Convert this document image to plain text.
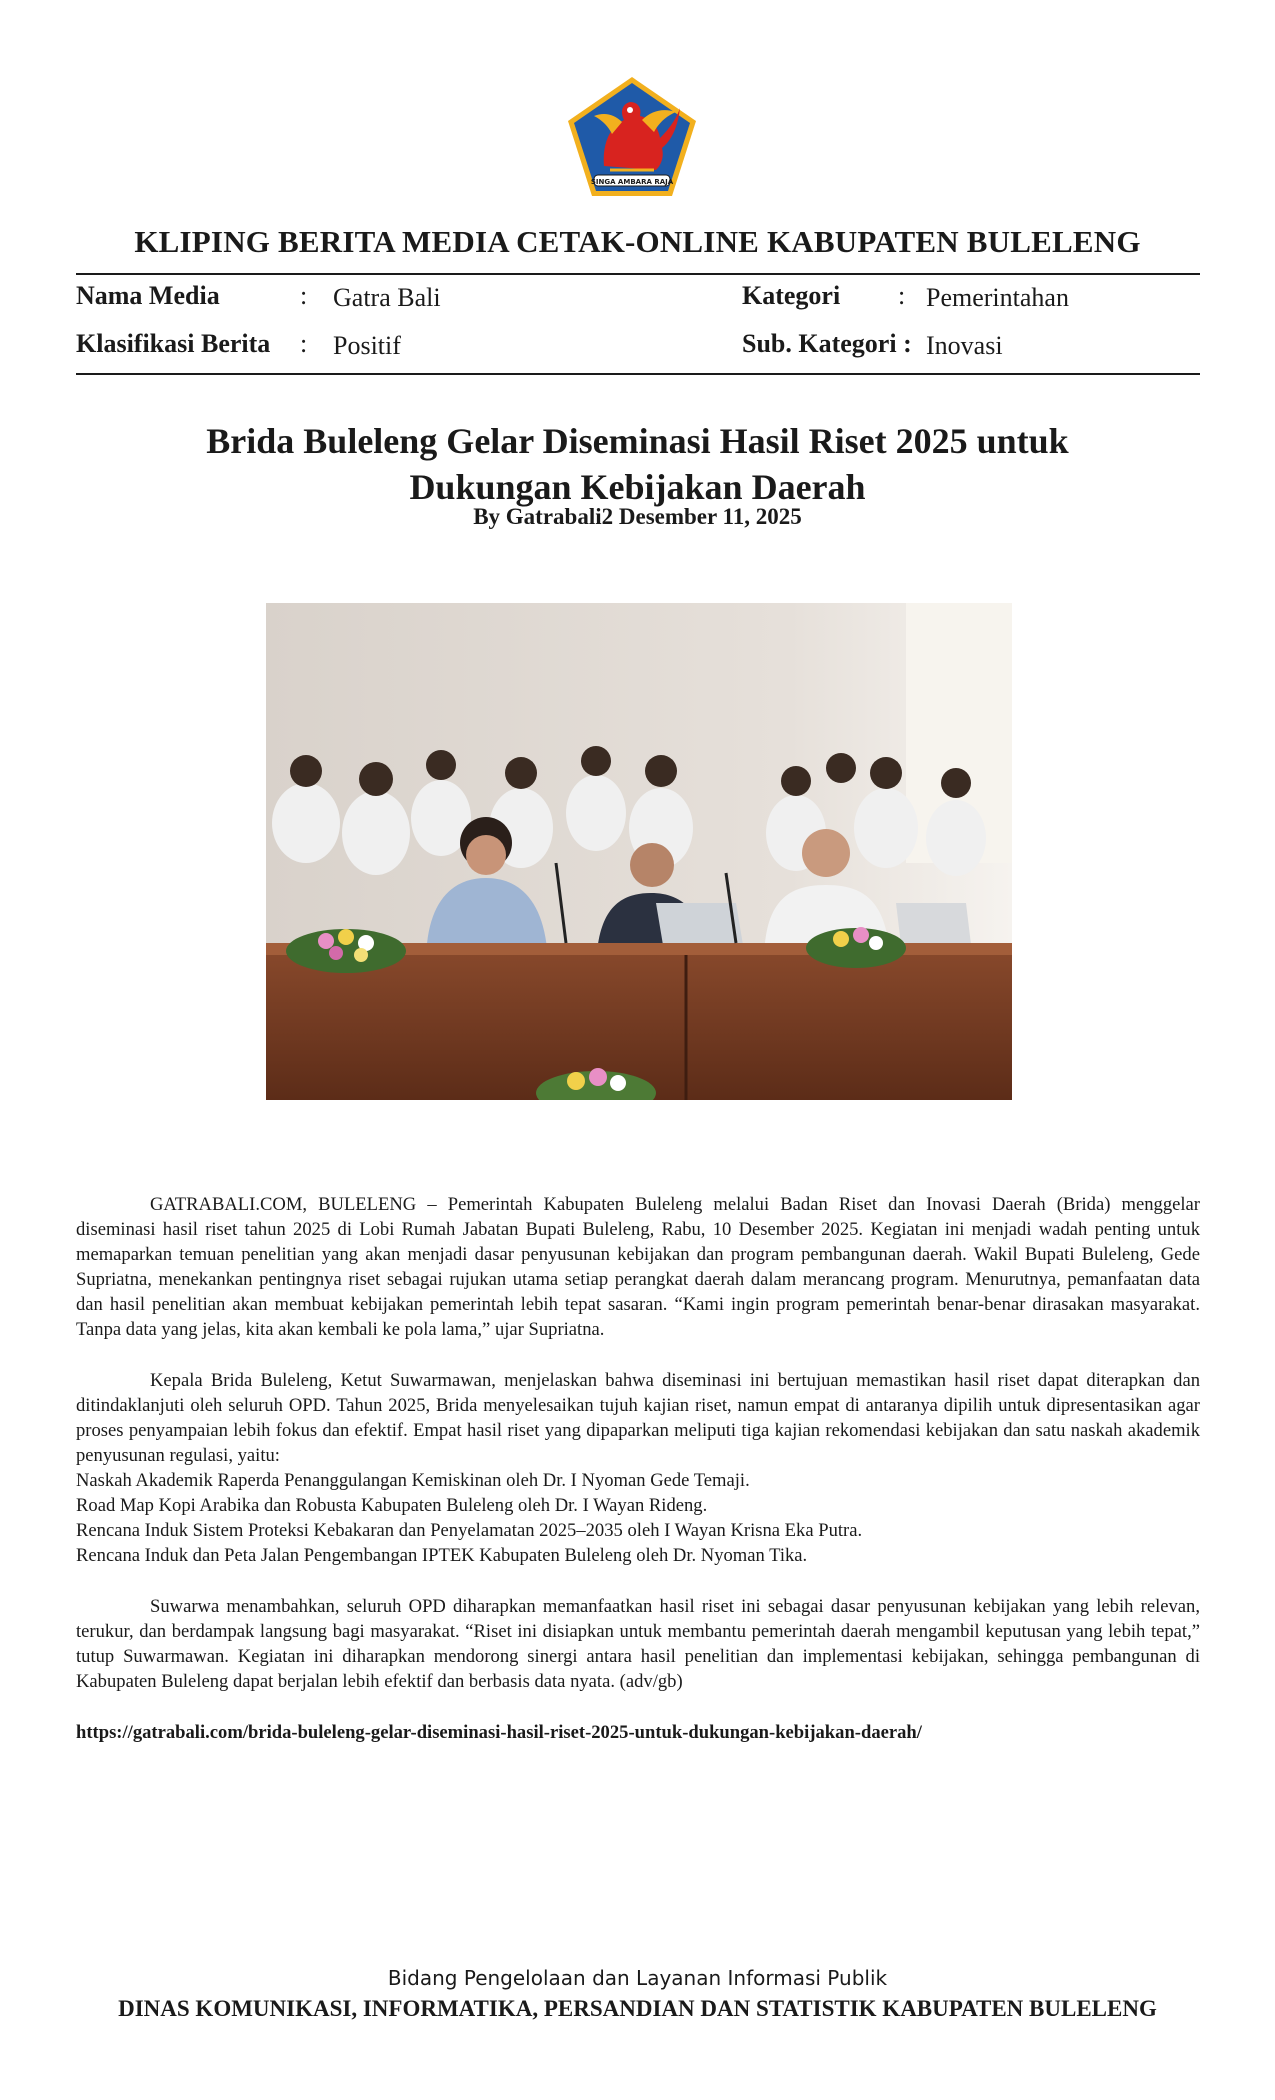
SINGA AMBARA RAJA
KLIPING BERITA MEDIA CETAK-ONLINE KABUPATEN BULELENG
Nama Media	: Gatra Bali
Klasifikasi Berita : Positif
Kategori : Pemerintahan
Sub. Kategori : Inovasi
Brida Buleleng Gelar Diseminasi Hasil Riset 2025 untuk
Dukungan Kebijakan Daerah
By Gatrabali2 Desember 11, 2025

GATRABALI.COM, BULELENG – Pemerintah Kabupaten Buleleng melalui Badan Riset dan Inovasi Daerah (Brida) menggelar diseminasi hasil riset tahun 2025 di Lobi Rumah Jabatan Bupati Buleleng, Rabu, 10 Desember 2025. Kegiatan ini menjadi wadah penting untuk memaparkan temuan penelitian yang akan menjadi dasar penyusunan kebijakan dan program pembangunan daerah. Wakil Bupati Buleleng, Gede Supriatna, menekankan pentingnya riset sebagai rujukan utama setiap perangkat daerah dalam merancang program. Menurutnya, pemanfaatan data dan hasil penelitian akan membuat kebijakan pemerintah lebih tepat sasaran. “Kami ingin program pemerintah benar-benar dirasakan masyarakat. Tanpa data yang jelas, kita akan kembali ke pola lama,” ujar Supriatna.

Kepala Brida Buleleng, Ketut Suwarmawan, menjelaskan bahwa diseminasi ini bertujuan memastikan hasil riset dapat diterapkan dan ditindaklanjuti oleh seluruh OPD. Tahun 2025, Brida menyelesaikan tujuh kajian riset, namun empat di antaranya dipilih untuk dipresentasikan agar proses penyampaian lebih fokus dan efektif. Empat hasil riset yang dipaparkan meliputi tiga kajian rekomendasi kebijakan dan satu naskah akademik penyusunan regulasi, yaitu:

Naskah Akademik Raperda Penanggulangan Kemiskinan oleh Dr. I Nyoman Gede Temaji.
Road Map Kopi Arabika dan Robusta Kabupaten Buleleng oleh Dr. I Wayan Rideng.
Rencana Induk Sistem Proteksi Kebakaran dan Penyelamatan 2025–2035 oleh I Wayan Krisna Eka Putra.
Rencana Induk dan Peta Jalan Pengembangan IPTEK Kabupaten Buleleng oleh Dr. Nyoman Tika.

Suwarwa menambahkan, seluruh OPD diharapkan memanfaatkan hasil riset ini sebagai dasar penyusunan kebijakan yang lebih relevan, terukur, dan berdampak langsung bagi masyarakat. “Riset ini disiapkan untuk membantu pemerintah daerah mengambil keputusan yang lebih tepat,” tutup Suwarmawan. Kegiatan ini diharapkan mendorong sinergi antara hasil penelitian dan implementasi kebijakan, sehingga pembangunan di Kabupaten Buleleng dapat berjalan lebih efektif dan berbasis data nyata. (adv/gb)

https://gatrabali.com/brida-buleleng-gelar-diseminasi-hasil-riset-2025-untuk-dukungan-kebijakan-daerah/
Bidang Pengelolaan dan Layanan Informasi Publik
DINAS KOMUNIKASI, INFORMATIKA, PERSANDIAN DAN STATISTIK KABUPATEN BULELENG
